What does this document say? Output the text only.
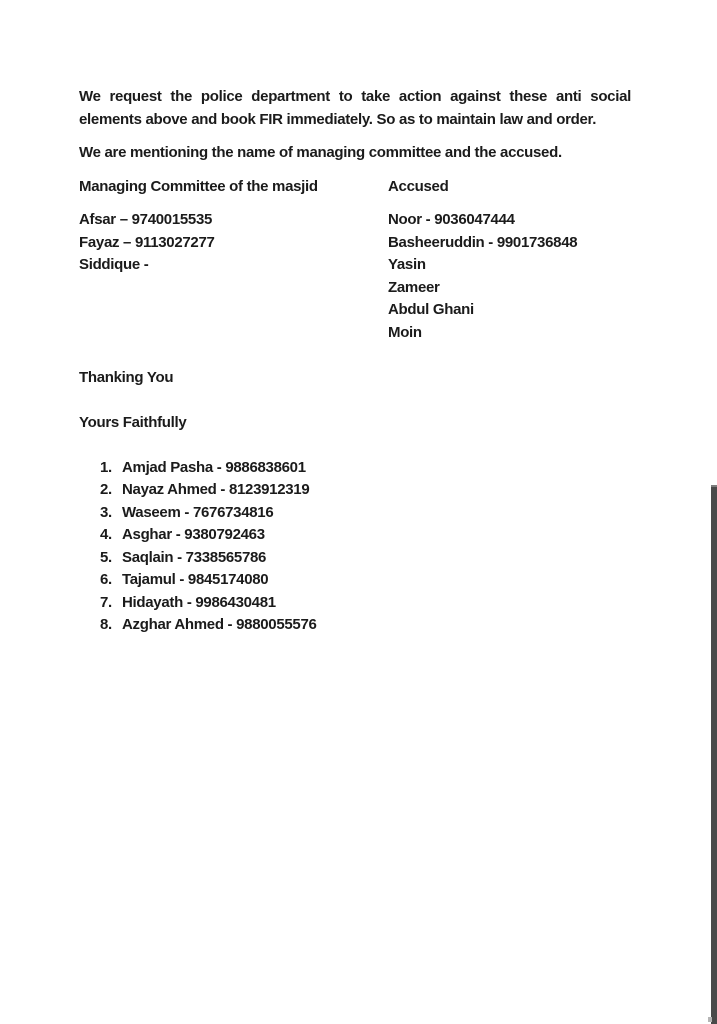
We request the police department to take action against these anti social elements above and book FIR immediately. So as to maintain law and order.
We are mentioning the name of managing committee and the accused.
Managing Committee of the masjid
Afsar – 9740015535
Fayaz – 9113027277
Siddique -
Accused
Noor - 9036047444
Basheeruddin - 9901736848
Yasin
Zameer
Abdul Ghani
Moin
Thanking You
Yours Faithfully
1. Amjad Pasha - 9886838601
2. Nayaz Ahmed - 8123912319
3. Waseem - 7676734816
4. Asghar - 9380792463
5. Saqlain - 7338565786
6. Tajamul - 9845174080
7. Hidayath - 9986430481
8. Azghar Ahmed - 9880055576
